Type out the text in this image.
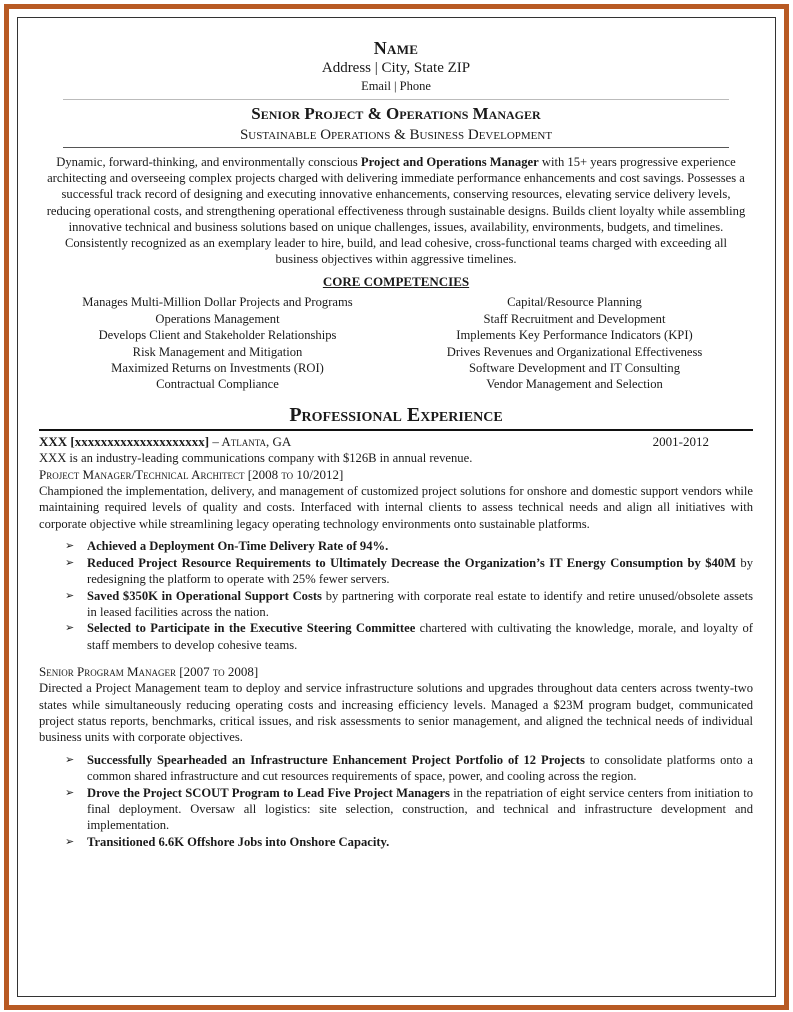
Name
Address | City, State ZIP
Email | Phone
Senior Project & Operations Manager
Sustainable Operations & Business Development
Dynamic, forward-thinking, and environmentally conscious Project and Operations Manager with 15+ years progressive experience architecting and overseeing complex projects charged with delivering immediate performance enhancements and cost savings. Possesses a successful track record of designing and executing innovative enhancements, conserving resources, elevating service delivery levels, reducing operational costs, and strengthening operational effectiveness through sustainable designs. Builds client loyalty while assembling innovative technical and business solutions based on unique challenges, issues, availability, environments, budgets, and timelines. Consistently recognized as an exemplary leader to hire, build, and lead cohesive, cross-functional teams charged with exceeding all business objectives within aggressive timelines.
CORE COMPETENCIES
Manages Multi-Million Dollar Projects and Programs
Operations Management
Develops Client and Stakeholder Relationships
Risk Management and Mitigation
Maximized Returns on Investments (ROI)
Contractual Compliance
Capital/Resource Planning
Staff Recruitment and Development
Implements Key Performance Indicators (KPI)
Drives Revenues and Organizational Effectiveness
Software Development and IT Consulting
Vendor Management and Selection
Professional Experience
XXX [xxxxxxxxxxxxxxxxxxxx] – Atlanta, GA	2001-2012
XXX is an industry-leading communications company with $126B in annual revenue.
Project Manager/Technical Architect [2008 to 10/2012]
Championed the implementation, delivery, and management of customized project solutions for onshore and domestic support vendors while maintaining required levels of quality and costs. Interfaced with internal clients to assess technical needs and align all initiatives with corporate objective while streamlining legacy operating technology environments onto sustainable platforms.
➢ Achieved a Deployment On-Time Delivery Rate of 94%.
➢ Reduced Project Resource Requirements to Ultimately Decrease the Organization’s IT Energy Consumption by $40M by redesigning the platform to operate with 25% fewer servers.
➢ Saved $350K in Operational Support Costs by partnering with corporate real estate to identify and retire unused/obsolete assets in leased facilities across the nation.
➢ Selected to Participate in the Executive Steering Committee chartered with cultivating the knowledge, morale, and loyalty of staff members to develop cohesive teams.
Senior Program Manager [2007 to 2008]
Directed a Project Management team to deploy and service infrastructure solutions and upgrades throughout data centers across twenty-two states while simultaneously reducing operating costs and increasing efficiency levels. Managed a $23M program budget, communicated project status reports, benchmarks, critical issues, and risk assessments to senior management, and aligned the technical needs of individual business units with corporate objectives.
➢ Successfully Spearheaded an Infrastructure Enhancement Project Portfolio of 12 Projects to consolidate platforms onto a common shared infrastructure and cut resources requirements of space, power, and cooling across the region.
➢ Drove the Project SCOUT Program to Lead Five Project Managers in the repatriation of eight service centers from initiation to final deployment. Oversaw all logistics: site selection, construction, and technical and infrastructure development and implementation.
➢ Transitioned 6.6K Offshore Jobs into Onshore Capacity.
